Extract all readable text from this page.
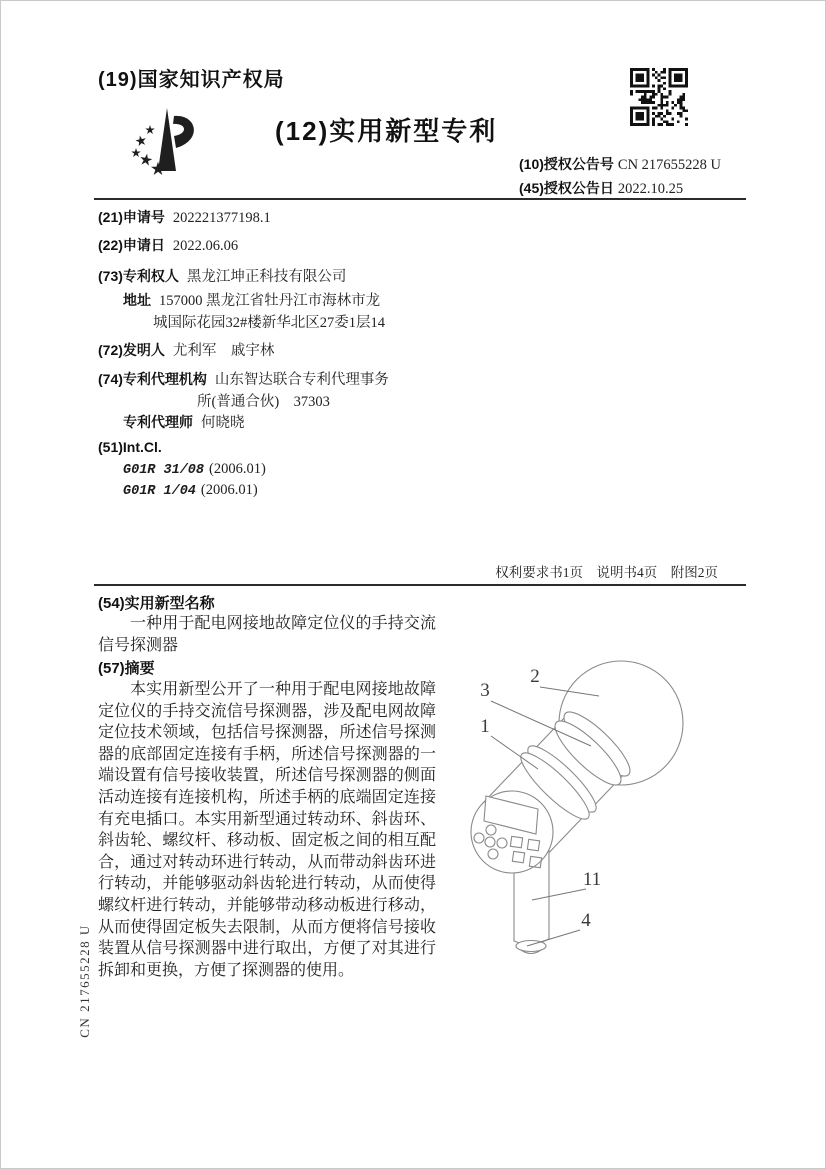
(19)国家知识产权局
(12)实用新型专利
(10)授权公告号 CN 217655228 U
(45)授权公告日 2022.10.25
(21)申请号 202221377198.1
(22)申请日 2022.06.06
(73)专利权人 黑龙江坤正科技有限公司
地址 157000 黑龙江省牡丹江市海林市龙
城国际花园32#楼新华北区27委1层14
(72)发明人 尤利军　戚宇林
(74)专利代理机构 山东智达联合专利代理事务
所(普通合伙)　37303
专利代理师 何晓晓
(51)Int.Cl.
G01R 31/08 (2006.01)
G01R 1/04 (2006.01)
权利要求书1页　说明书4页　附图2页
(54)实用新型名称
一种用于配电网接地故障定位仪的手持交流信号探测器
(57)摘要
本实用新型公开了一种用于配电网接地故障定位仪的手持交流信号探测器，涉及配电网故障定位技术领域，包括信号探测器，所述信号探测器的底部固定连接有手柄，所述信号探测器的一端设置有信号接收装置，所述信号探测器的侧面活动连接有连接机构，所述手柄的底端固定连接有充电插口。本实用新型通过转动环、斜齿环、斜齿轮、螺纹杆、移动板、固定板之间的相互配合，通过对转动环进行转动，从而带动斜齿环进行转动，并能够驱动斜齿轮进行转动，从而使得螺纹杆进行转动，并能够带动移动板进行移动，从而使得固定板失去限制，从而方便将信号接收装置从信号探测器中进行取出，方便了对其进行拆卸和更换，方便了探测器的使用。
2
3
1
11
4
CN 217655228 U
